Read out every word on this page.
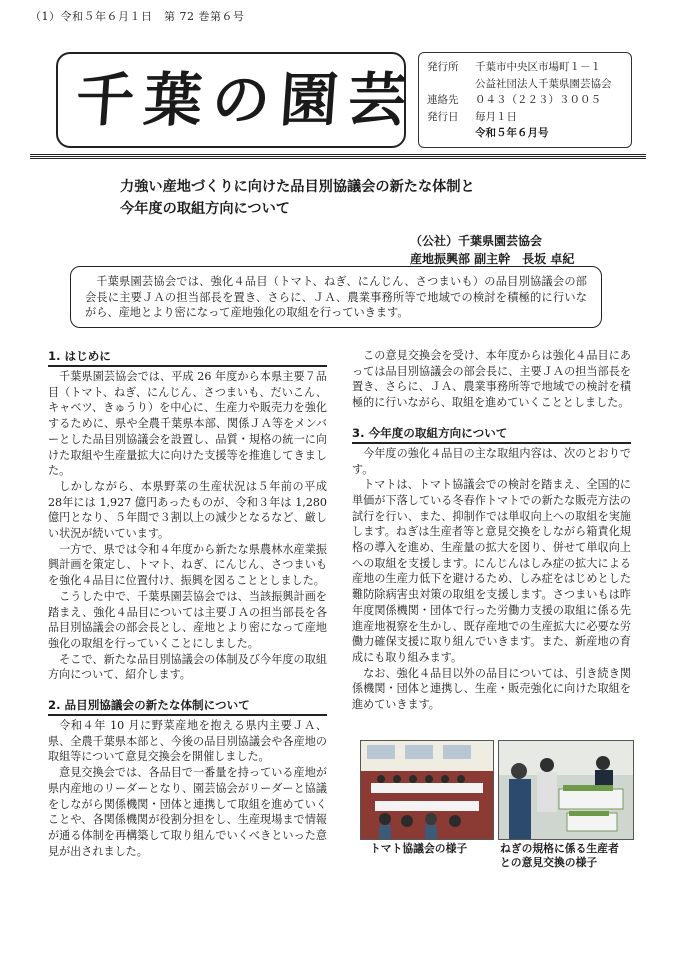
（1）令和５年６月１日　第 72 巻第６号
千葉の園芸 発行所	千葉市中央区市場町１－１
公益社団法人千葉県園芸協会
連絡先	０４３（２２３）３００５
発行日	毎月１日
令和５年６月号
力強い産地づくりに向けた品目別協議会の新たな体制と
今年度の取組方向について
（公社）千葉県園芸協会
産地振興部 副主幹　長坂 卓紀
千葉県園芸協会では、強化４品目（トマト、ねぎ、にんじん、さつまいも）の品目別協議会の部会長に主要ＪＡの担当部長を置き、さらに、ＪＡ、農業事務所等で地域での検討を積極的に行いながら、産地とより密になって産地強化の取組を行っていきます。
1. はじめに

千葉県園芸協会では、平成 26 年度から本県主要７品目（トマト、ねぎ、にんじん、さつまいも、だいこん、キャベツ、きゅうり）を中心に、生産力や販売力を強化するために、県や全農千葉県本部、関係ＪＡ等をメンバーとした品目別協議会を設置し、品質・規格の統一に向けた取組や生産量拡大に向けた支援等を推進してきました。

しかしながら、本県野菜の生産状況は５年前の平成28年には 1,927 億円あったものが、令和３年は 1,280 億円となり、５年間で３割以上の減少となるなど、厳しい状況が続いています。

一方で、県では令和４年度から新たな県農林水産業振興計画を策定し、トマト、ねぎ、にんじん、さつまいもを強化４品目に位置付け、振興を図ることとしました。

こうした中で、千葉県園芸協会では、当該振興計画を踏まえ、強化４品目については主要ＪＡの担当部長を各品目別協議会の部会長とし、産地とより密になって産地強化の取組を行っていくことにしました。

そこで、新たな品目別協議会の体制及び今年度の取組方向について、紹介します。

2. 品目別協議会の新たな体制について

令和４年 10 月に野菜産地を抱える県内主要ＪＡ、県、全農千葉県本部と、今後の品目別協議会や各産地の取組等について意見交換会を開催しました。

意見交換会では、各品目で一番量を持っている産地が県内産地のリーダーとなり、園芸協会がリーダーと協議をしながら関係機関・団体と連携して取組を進めていくことや、各関係機関が役割分担をし、生産現場まで情報が通る体制を再構築して取り組んでいくべきといった意見が出されました。

この意見交換会を受け、本年度からは強化４品目にあっては品目別協議会の部会長に、主要ＪＡの担当部長を置き、さらに、ＪＡ、農業事務所等で地域での検討を積極的に行いながら、取組を進めていくこととしました。

3. 今年度の取組方向について

今年度の強化４品目の主な取組内容は、次のとおりです。

トマトは、トマト協議会での検討を踏まえ、全国的に単価が下落している冬春作トマトでの新たな販売方法の試行を行い、また、抑制作では単収向上への取組を実施します。ねぎは生産者等と意見交換をしながら箱責化規格の導入を進め、生産量の拡大を図り、併せて単収向上への取組を支援します。にんじんはしみ症の拡大による産地の生産力低下を避けるため、しみ症をはじめとした難防除病害虫対策の取組を支援します。さつまいもは昨年度関係機関・団体で行った労働力支援の取組に係る先進産地視察を生かし、既存産地での生産拡大に必要な労働力確保支援に取り組んでいきます。また、新産地の育成にも取り組みます。

なお、強化４品目以外の品目については、引き続き関係機関・団体と連携し、生産・販売強化に向けた取組を進めていきます。

トマト協議会の様子	ねぎの規格に係る生産者
との意見交換の様子
